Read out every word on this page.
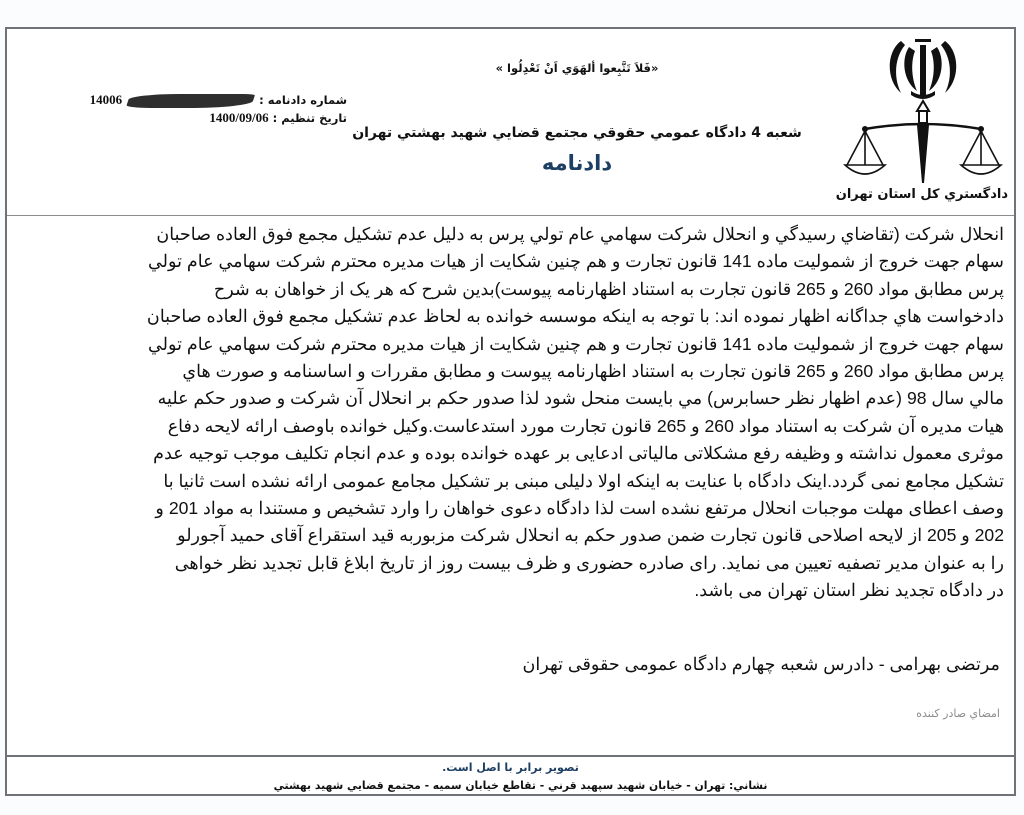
دادگستري كل استان تهران
«فَلاَ تَتَّبِعوا ألهَوَي اَنْ تَعْدِلُوا »
شماره دادنامه :  14006
تاريخ تنظيم : 1400/09/06
شعبه 4 دادگاه عمومي حقوقي مجتمع قضايي شهيد بهشتي تهران
دادنامه
انحلال شركت (تقاضاي رسيدگي و انحلال شركت سهامي عام تولي پرس به دليل عدم تشكيل مجمع فوق العاده صاحبان
سهام جهت خروج از شموليت ماده 141 قانون تجارت و هم چنين شكايت از هيات مديره محترم شركت سهامي عام تولي
پرس مطابق مواد 260 و 265 قانون تجارت به استناد اظهارنامه پيوست)بدين شرح كه هر يک از خواهان به شرح
دادخواست هاي جداگانه اظهار نموده اند: با توجه به اينكه موسسه خوانده به لحاظ عدم تشكيل مجمع فوق العاده صاحبان
سهام جهت خروج از شموليت ماده 141 قانون تجارت و هم چنين شكايت از هيات مديره محترم شركت سهامي عام تولي
پرس مطابق مواد 260 و 265 قانون تجارت به استناد اظهارنامه پيوست و مطابق مقررات و اساسنامه و صورت هاي
مالي سال 98 (عدم اظهار نظر حسابرس) مي بايست منحل شود لذا صدور حكم بر انحلال آن شركت و صدور حكم عليه
هيات مديره آن شركت به استناد مواد 260 و 265 قانون تجارت مورد استدعاست.وكيل خوانده باوصف ارائه لايحه دفاع
موثری معمول نداشته و وظیفه رفع مشکلاتی مالیاتی ادعایی بر عهده خوانده بوده و عدم انجام تکلیف موجب توجیه عدم
تشکیل مجامع نمی گردد.اینک دادگاه با عنایت به اینکه اولا دلیلی مبنی بر تشکیل مجامع عمومی ارائه نشده است ثانیا با
وصف اعطای مهلت موجبات انحلال مرتفع نشده است لذا دادگاه دعوی خواهان را وارد تشخیص و مستندا به مواد 201 و
202 و 205 از لایحه اصلاحی قانون تجارت ضمن صدور حکم به انحلال شرکت مزبوربه قید استقراع آقای حمید آجورلو
را به عنوان مدیر تصفیه تعیین می نماید. رای صادره حضوری و ظرف بیست روز از تاریخ ابلاغ قابل تجدید نظر خواهی
در دادگاه تجدید نظر استان تهران می باشد.
مرتضی بهرامی - دادرس شعبه چهارم دادگاه عمومی حقوقی تهران
امضاي صادر كننده
تصوير برابر با اصل است.
نشاني: تهران - خيابان شهيد سپهبد قرني - تقاطع خيابان سميه - مجتمع قضايي شهيد بهشتي
